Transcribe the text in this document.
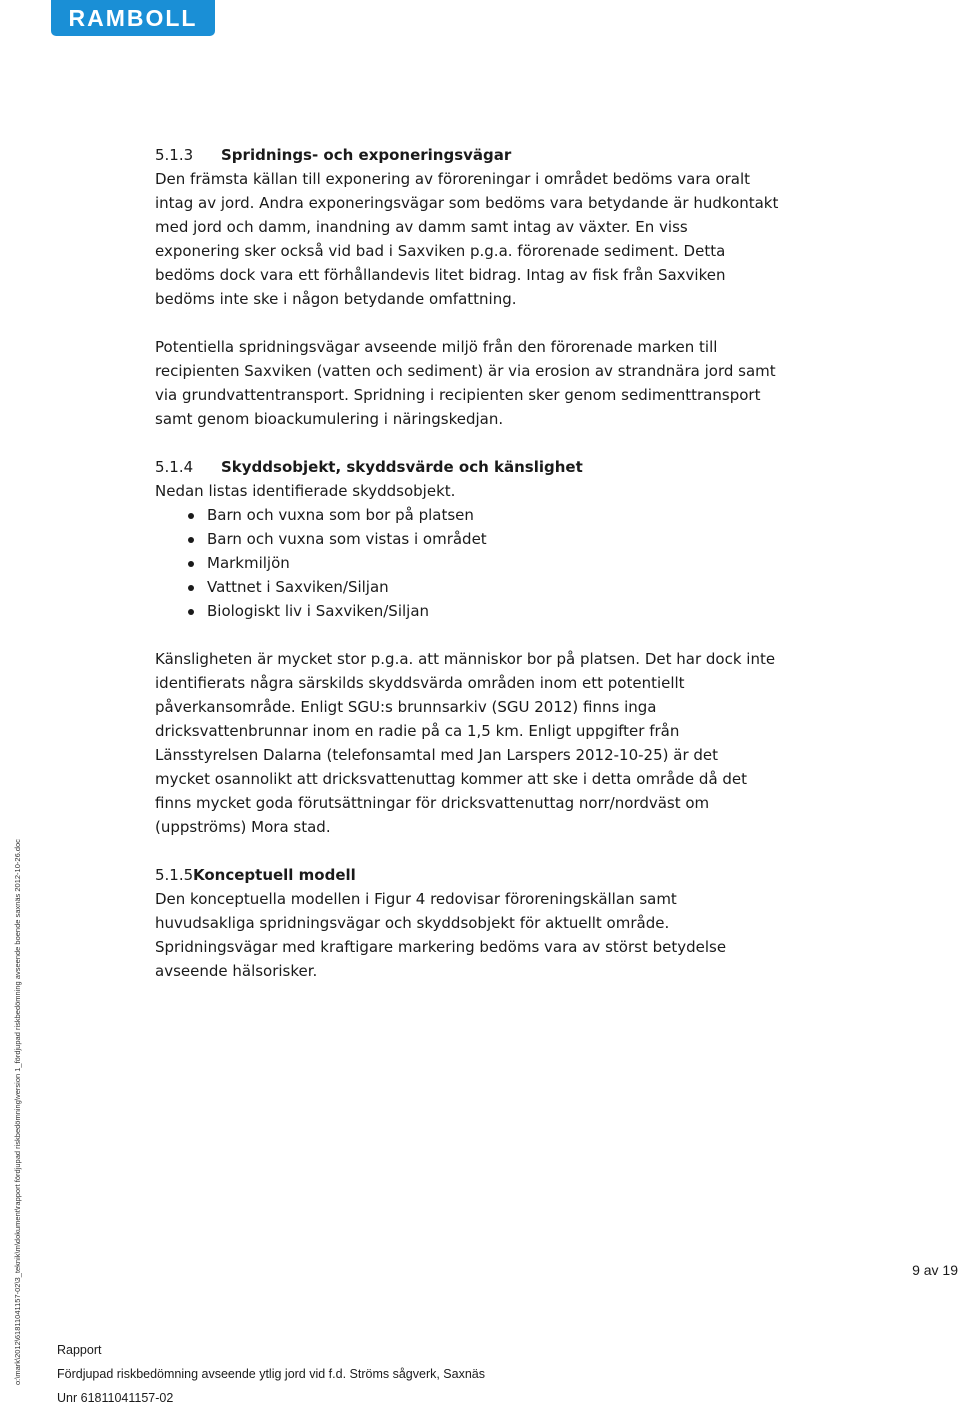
RAMBOLL

5.1.3 Spridnings- och exponeringsvägar

Den främsta källan till exponering av föroreningar i området bedöms vara oralt

intag av jord. Andra exponeringsvägar som bedöms vara betydande är hudkontakt

med jord och damm, inandning av damm samt intag av växter. En viss

exponering sker också vid bad i Saxviken p.g.a. förorenade sediment. Detta

bedöms dock vara ett förhållandevis litet bidrag. Intag av fisk från Saxviken

bedöms inte ske i någon betydande omfattning.

Potentiella spridningsvägar avseende miljö från den förorenade marken till

recipienten Saxviken (vatten och sediment) är via erosion av strandnära jord samt

via grundvattentransport. Spridning i recipienten sker genom sedimenttransport

samt genom bioackumulering i näringskedjan.

5.1.4 Skyddsobjekt, skyddsvärde och känslighet

Nedan listas identifierade skyddsobjekt.

Barn och vuxna som bor på platsen
Barn och vuxna som vistas i området
Markmiljön
Vattnet i Saxviken/Siljan
Biologiskt liv i Saxviken/Siljan

Känsligheten är mycket stor p.g.a. att människor bor på platsen. Det har dock inte

identifierats några särskilds skyddsvärda områden inom ett potentiellt

påverkansområde. Enligt SGU:s brunnsarkiv (SGU 2012) finns inga

dricksvattenbrunnar inom en radie på ca 1,5 km. Enligt uppgifter från

Länsstyrelsen Dalarna (telefonsamtal med Jan Larspers 2012-10-25) är det

mycket osannolikt att dricksvattenuttag kommer att ske i detta område då det

finns mycket goda förutsättningar för dricksvattenuttag norr/nordväst om

(uppströms) Mora stad.

5.1.5Konceptuell modell

Den konceptuella modellen i Figur 4 redovisar föroreningskällan samt

huvudsakliga spridningsvägar och skyddsobjekt för aktuellt område.

Spridningsvägar med kraftigare markering bedöms vara av störst betydelse

avseende hälsorisker.

o:\mark\2012\61811041157-02\3_teknik\m\dokument\rapport fördjupad riskbedömning\version 1_fördjupad riskbedömning avseende boende saxnäs 2012-10-26.doc	9 av 19
Rapport
Fördjupad riskbedömning avseende ytlig jord vid f.d. Ströms sågverk, Saxnäs
Unr 61811041157-02
